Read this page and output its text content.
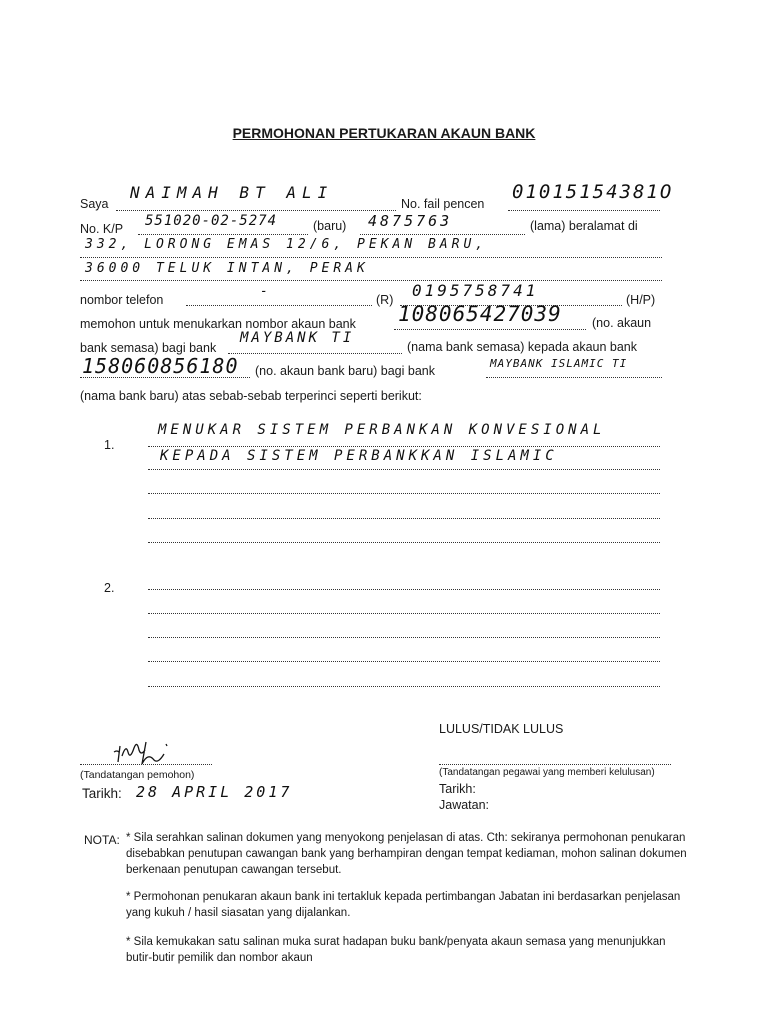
PERMOHONAN PERTUKARAN AKAUN BANK
Saya
NAIMAH BT ALI
No. fail pencen
01015154381O
No. K/P 551020-02-5274	(baru) 4875763	(lama) beralamat di
332, LORONG EMAS 12/6, PEKAN BARU,
36000 TELUK INTAN, PERAK
nombor telefon
-
(R) 0195758741	(H/P)
memohon untuk menukarkan nombor akaun bank 108065427039 (no. akaun
bank semasa) bagi bank
MAYBANK TI
(nama bank semasa) kepada akaun bank
158060856180 (no. akaun bank baru) bagi bank
MAYBANK ISLAMIC TI
(nama bank baru) atas sebab-sebab terperinci seperti berikut:
1.
MENUKAR SISTEM PERBANKAN KONVESIONAL
KEPADA SISTEM PERBANKKAN ISLAMIC
2.
LULUS/TIDAK LULUS
(Tandatangan pegawai yang memberi kelulusan)
Tarikh:
Jawatan:
(Tandatangan pemohon)
Tarikh: 28 APRIL 2017
NOTA: * Sila serahkan salinan dokumen yang menyokong penjelasan di atas. Cth: sekiranya permohonan penukaran disebabkan penutupan cawangan bank yang berhampiran dengan tempat kediaman, mohon salinan dokumen berkenaan penutupan cawangan tersebut.
* Permohonan penukaran akaun bank ini tertakluk kepada pertimbangan Jabatan ini berdasarkan penjelasan yang kukuh / hasil siasatan yang dijalankan.
* Sila kemukakan satu salinan muka surat hadapan buku bank/penyata akaun semasa yang menunjukkan butir-butir pemilik dan nombor akaun
